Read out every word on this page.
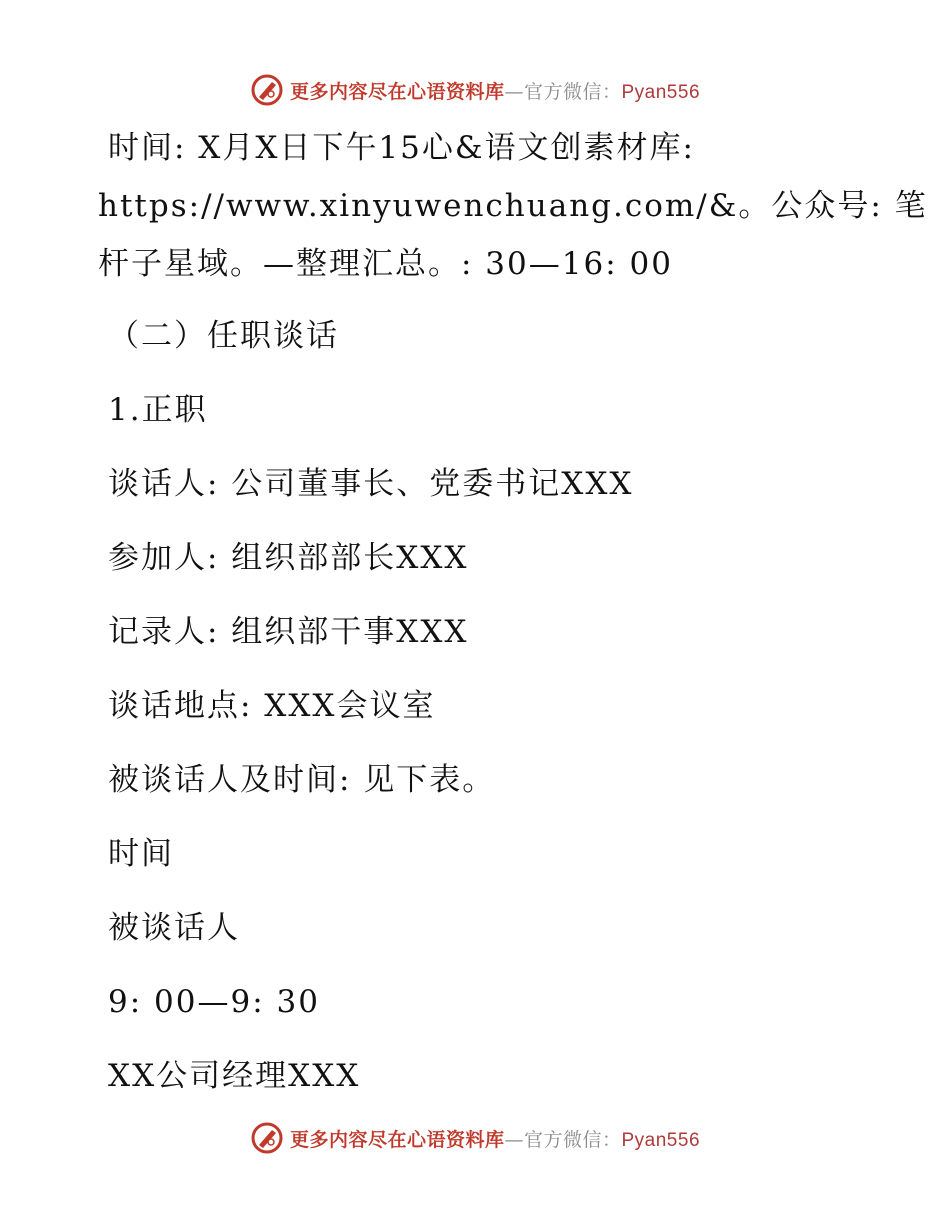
更多内容尽在心语资料库—官方微信：Pyan556
时间: X月X日下午15心&语文创素材库:
https://www.xinyuwenchuang.com/&。公众号: 笔
杆子星域。—整理汇总。: 30—16: 00
（二）任职谈话
1.正职
谈话人: 公司董事长、党委书记XXX
参加人: 组织部部长XXX
记录人: 组织部干事XXX
谈话地点: XXX会议室
被谈话人及时间: 见下表。
时间
被谈话人
9: 00—9: 30
XX公司经理XXX
更多内容尽在心语资料库—官方微信：Pyan556
